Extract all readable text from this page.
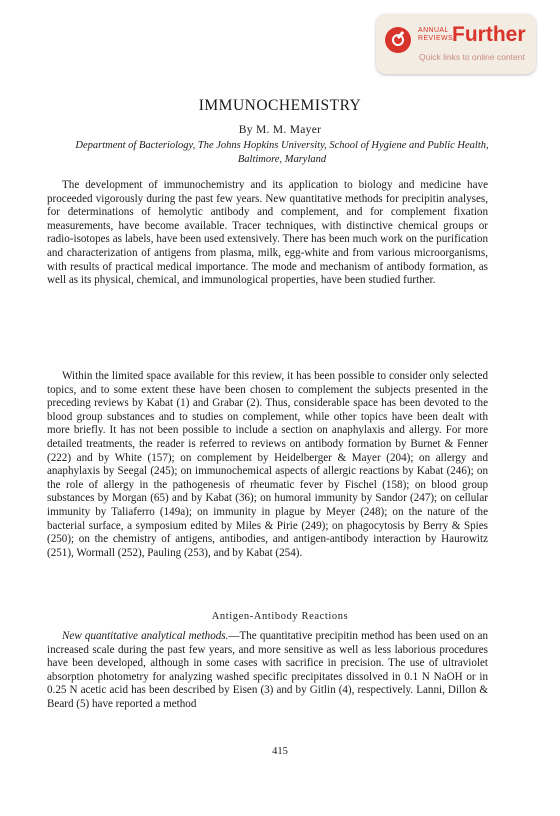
ANNUAL
REVIEWS
Further
Quick links to online content
IMMUNOCHEMISTRY
By M. M. Mayer
Department of Bacteriology, The Johns Hopkins University, School of Hygiene and Public Health, Baltimore, Maryland

The development of immunochemistry and its application to biology and medicine have proceeded vigorously during the past few years. New quantitative methods for precipitin analyses, for determinations of hemolytic antibody and complement, and for complement fixation measurements, have become available. Tracer techniques, with distinctive chemical groups or radio-isotopes as labels, have been used extensively. There has been much work on the purification and characterization of antigens from plasma, milk, egg-white and from various microorganisms, with results of practical medical importance. The mode and mechanism of antibody formation, as well as its physical, chemical, and immunological properties, have been studied further.

Within the limited space available for this review, it has been possible to consider only selected topics, and to some extent these have been chosen to complement the subjects presented in the preceding reviews by Kabat (1) and Grabar (2). Thus, considerable space has been devoted to the blood group substances and to studies on complement, while other topics have been dealt with more briefly. It has not been possible to include a section on anaphylaxis and allergy. For more detailed treatments, the reader is referred to reviews on antibody formation by Burnet & Fenner (222) and by White (157); on complement by Heidelberger & Mayer (204); on allergy and anaphylaxis by Seegal (245); on immunochemical aspects of allergic reactions by Kabat (246); on the role of allergy in the pathogenesis of rheumatic fever by Fischel (158); on blood group substances by Morgan (65) and by Kabat (36); on humoral immunity by Sandor (247); on cellular immunity by Taliaferro (149a); on immunity in plague by Meyer (248); on the nature of the bacterial surface, a symposium edited by Miles & Pirie (249); on phagocytosis by Berry & Spies (250); on the chemistry of antigens, antibodies, and antigen-antibody interaction by Haurowitz (251), Wormall (252), Pauling (253), and by Kabat (254).

Antigen-Antibody Reactions

New quantitative analytical methods.—The quantitative precipitin method has been used on an increased scale during the past few years, and more sensitive as well as less laborious procedures have been developed, although in some cases with sacrifice in precision. The use of ultraviolet absorption photometry for analyzing washed specific precipitates dissolved in 0.1 N NaOH or in 0.25 N acetic acid has been described by Eisen (3) and by Gitlin (4), respectively. Lanni, Dillon & Beard (5) have reported a method

415
